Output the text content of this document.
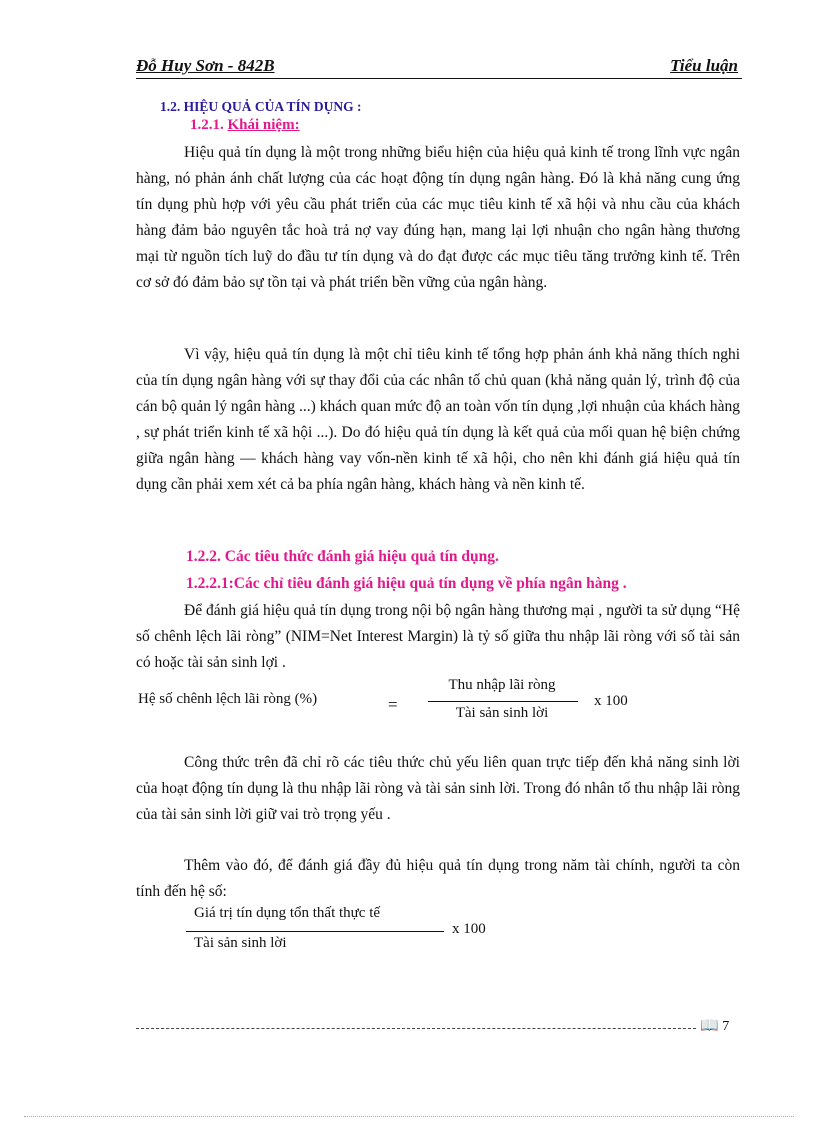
Đỗ Huy Sơn - 842B	Tiểu luận
1.2. HIỆU QUẢ CỦA TÍN DỤNG :
1.2.1. Khái niệm:

Hiệu quả tín dụng là một trong những biểu hiện của hiệu quả kinh tế trong lĩnh vực ngân hàng, nó phản ánh chất lượng của các hoạt động tín dụng ngân hàng. Đó là khả năng cung ứng tín dụng phù hợp với yêu cầu phát triển của các mục tiêu kinh tế xã hội và nhu cầu của khách hàng đảm bảo nguyên tắc hoà trả nợ vay đúng hạn, mang lại lợi nhuận cho ngân hàng thương mại từ nguồn tích luỹ do đầu tư tín dụng và do đạt được các mục tiêu tăng trưởng kinh tế. Trên cơ sở đó đảm bảo sự tồn tại và phát triển bền vững của ngân hàng.

Vì vậy, hiệu quả tín dụng là một chỉ tiêu kinh tế tổng hợp phản ánh khả năng thích nghi của tín dụng ngân hàng với sự thay đổi của các nhân tố chủ quan (khả năng quản lý, trình độ của cán bộ quản lý ngân hàng ...) khách quan mức độ an toàn vốn tín dụng ,lợi nhuận của khách hàng , sự phát triển kinh tế xã hội ...). Do đó hiệu quả tín dụng là kết quả của mối quan hệ biện chứng giữa ngân hàng — khách hàng vay vốn-nền kinh tế xã hội, cho nên khi đánh giá hiệu quả tín dụng cần phải xem xét cả ba phía ngân hàng, khách hàng và nền kinh tế.

1.2.2. Các tiêu thức đánh giá hiệu quả tín dụng.
1.2.2.1:Các chỉ tiêu đánh giá hiệu quả tín dụng về phía ngân hàng .

Để đánh giá hiệu quả tín dụng trong nội bộ ngân hàng thương mại , người ta sử dụng “Hệ số chênh lệch lãi ròng” (NIM=Net Interest Margin) là tỷ số giữa thu nhập lãi ròng với số tài sản có hoặc tài sản sinh lợi .

Hệ số chênh lệch lãi ròng (%)	=
Thu nhập lãi ròng
Tài sản sinh lời
x 100

Công thức trên đã chỉ rõ các tiêu thức chủ yếu liên quan trực tiếp đến khả năng sinh lời của hoạt động tín dụng là thu nhập lãi ròng và tài sản sinh lời. Trong đó nhân tố thu nhập lãi ròng của tài sản sinh lời giữ vai trò trọng yếu .

Thêm vào đó, để đánh giá đầy đủ hiệu quả tín dụng trong năm tài chính, người ta còn tính đến hệ số:

Giá trị tín dụng tổn thất thực tế
Tài sản sinh lời
x 100
📖 7
